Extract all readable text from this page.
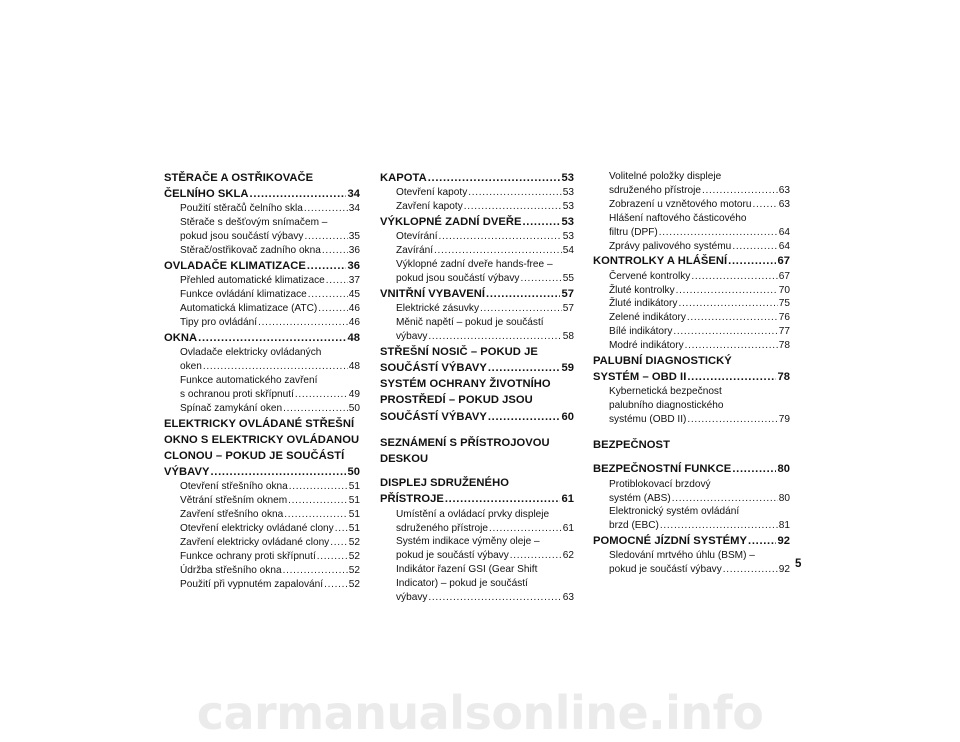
STĚRAČE A OSTŘIKOVAČE
ČELNÍHO SKLA .....	34
Použití stěračů čelního skla .....	34
Stěrače s dešťovým snímačem –
pokud jsou součástí výbavy .....	35
Stěrač/ostřikovač zadního okna .....	36
OVLADAČE KLIMATIZACE .....	36
Přehled automatické klimatizace ..... 37
Funkce ovládání klimatizace .....	45
Automatická klimatizace (ATC) .....	46
Tipy pro ovládání .....	46
OKNA .....	48
Ovladače elektricky ovládaných
oken .....	48
Funkce automatického zavření
s ochranou proti skřípnutí .....	49
Spínač zamykání oken .....	50
ELEKTRICKY OVLÁDANÉ STŘEŠNÍ
OKNO S ELEKTRICKY OVLÁDANOU
CLONOU – POKUD JE SOUČÁSTÍ
VÝBAVY .....	50
Otevření střešního okna .....	51
Větrání střešním oknem .....	51
Zavření střešního okna .....	51
Otevření elektricky ovládané clony ..... 51
Zavření elektricky ovládané clony ..... 52
Funkce ochrany proti skřípnutí .....	52
Údržba střešního okna .....	52
Použití při vypnutém zapalování .....	52
KAPOTA .....	53
Otevření kapoty .....	53
Zavření kapoty .....	53
VÝKLOPNÉ ZADNÍ DVEŘE .....	53
Otevírání .....	53
Zavírání .....	54
Výklopné zadní dveře hands-free –
pokud jsou součástí výbavy .....	55
VNITŘNÍ VYBAVENÍ .....	57
Elektrické zásuvky .....	57
Měnič napětí – pokud je součástí
výbavy .....	58
STŘEŠNÍ NOSIČ – POKUD JE
SOUČÁSTÍ VÝBAVY .....	59
SYSTÉM OCHRANY ŽIVOTNÍHO
PROSTŘEDÍ – POKUD JSOU
SOUČÁSTÍ VÝBAVY .....	60
SEZNÁMENÍ S PŘÍSTROJOVOU
DESKOU
DISPLEJ SDRUŽENÉHO
PŘÍSTROJE .....	61
Umístění a ovládací prvky displeje
sdruženého přístroje .....	61
Systém indikace výměny oleje –
pokud je součástí výbavy .....	62
Indikátor řazení GSI (Gear Shift
Indicator) – pokud je součástí
výbavy .....	63
Volitelné položky displeje
sdruženého přístroje .....	63
Zobrazení u vznětového motoru .....	63
Hlášení naftového částicového
filtru (DPF) .....	64
Zprávy palivového systému .....	64
KONTROLKY A HLÁŠENÍ .....	67
Červené kontrolky .....	67
Žluté kontrolky .....	70
Žluté indikátory .....	75
Zelené indikátory .....	76
Bílé indikátory .....	77
Modré indikátory .....	78
PALUBNÍ DIAGNOSTICKÝ
SYSTÉM – OBD II .....	78
Kybernetická bezpečnost
palubního diagnostického
systému (OBD II) .....	79
BEZPEČNOST
BEZPEČNOSTNÍ FUNKCE .....	80
Protiblokovací brzdový
systém (ABS) .....	80
Elektronický systém ovládání
brzd (EBC) .....	81
POMOCNÉ JÍZDNÍ SYSTÉMY .....	92
Sledování mrtvého úhlu (BSM) –
pokud je součástí výbavy .....	92 5
carmanualsonline.info
